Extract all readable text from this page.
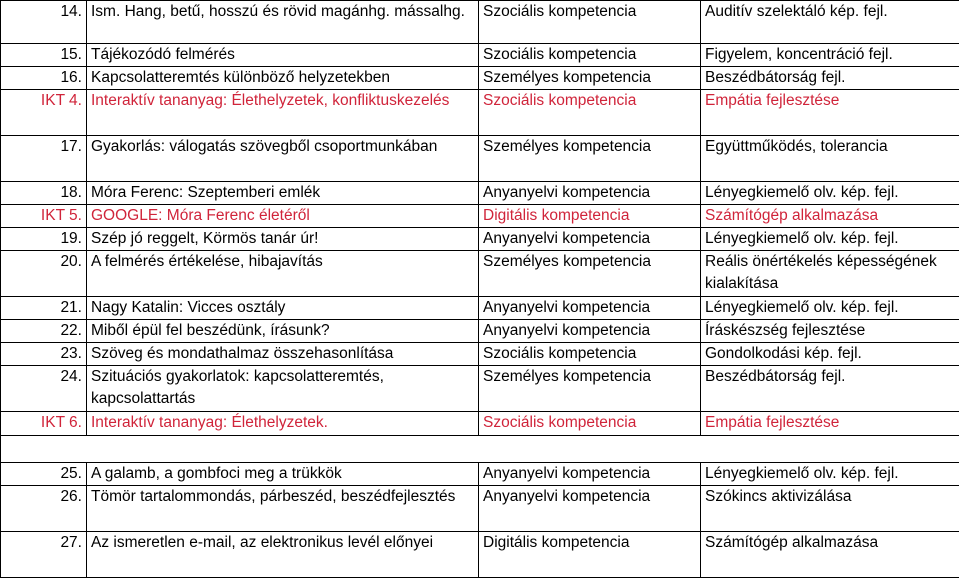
14.	Ism. Hang, betű, hosszú és rövid magánhg. mássalhg.	Szociális kompetencia	Auditív szelektáló kép. fejl.
15.	Tájékozódó felmérés	Szociális kompetencia	Figyelem, koncentráció fejl.
16.	Kapcsolatteremtés különböző helyzetekben	Személyes kompetencia	Beszédbátorság fejl.
IKT 4.	Interaktív tananyag: Élethelyzetek, konfliktuskezelés	Szociális kompetencia	Empátia fejlesztése
17.	Gyakorlás: válogatás szövegből csoportmunkában	Személyes kompetencia	Együttműködés, tolerancia
18.	Móra Ferenc: Szeptemberi emlék	Anyanyelvi kompetencia	Lényegkiemelő olv. kép. fejl.
IKT 5.	GOOGLE: Móra Ferenc életéről	Digitális kompetencia	Számítógép alkalmazása
19.	Szép jó reggelt, Körmös tanár úr!	Anyanyelvi kompetencia	Lényegkiemelő olv. kép. fejl.
20.	A felmérés értékelése, hibajavítás	Személyes kompetencia	Reális önértékelés képességének kialakítása
21.	Nagy Katalin: Vicces osztály	Anyanyelvi kompetencia	Lényegkiemelő olv. kép. fejl.
22.	Miből épül fel beszédünk, írásunk?	Anyanyelvi kompetencia	Íráskészség fejlesztése
23.	Szöveg és mondathalmaz összehasonlítása	Szociális kompetencia	Gondolkodási kép. fejl.
24.	Szituációs gyakorlatok: kapcsolatteremtés, kapcsolattartás	Személyes kompetencia	Beszédbátorság fejl.
IKT 6.	Interaktív tananyag: Élethelyzetek.	Szociális kompetencia	Empátia fejlesztése

25.	A galamb, a gombfoci meg a trükkök	Anyanyelvi kompetencia	Lényegkiemelő olv. kép. fejl.
26.	Tömör tartalommondás, párbeszéd, beszédfejlesztés	Anyanyelvi kompetencia	Szókincs aktivizálása
27.	Az ismeretlen e-mail, az elektronikus levél előnyei	Digitális kompetencia	Számítógép alkalmazása
